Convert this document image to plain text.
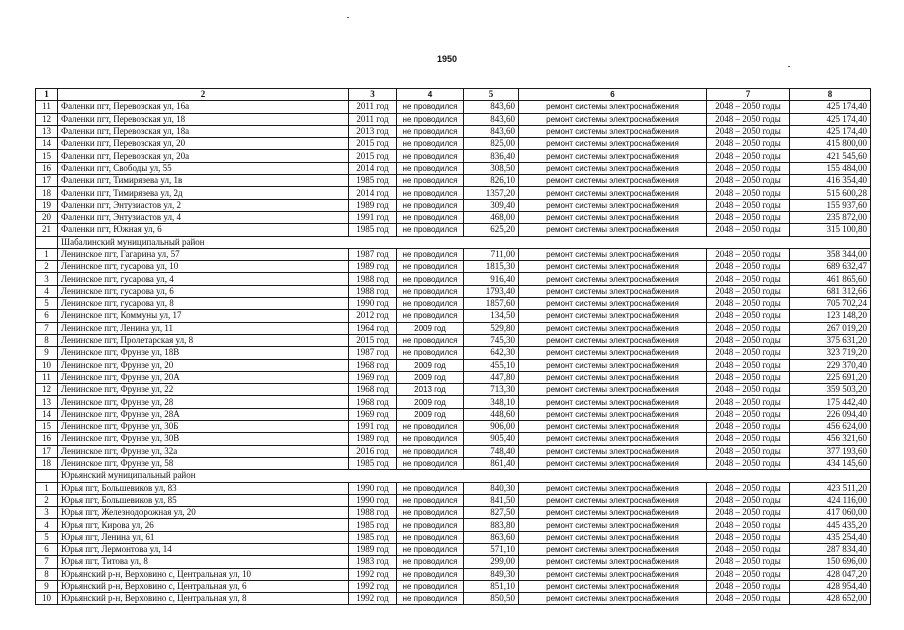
1950
1	2	3	4	5	6	7	8
11	Фаленки пгт, Перевозская ул, 16а	2011 год	не проводился	843,60	ремонт системы электроснабжения	2048 – 2050 годы	425 174,40
12	Фаленки пгт, Перевозская ул, 18	2011 год	не проводился	843,60	ремонт системы электроснабжения	2048 – 2050 годы	425 174,40
13	Фаленки пгт, Перевозская ул, 18а	2013 год	не проводился	843,60	ремонт системы электроснабжения	2048 – 2050 годы	425 174,40
14	Фаленки пгт, Перевозская ул, 20	2015 год	не проводился	825,00	ремонт системы электроснабжения	2048 – 2050 годы	415 800,00
15	Фаленки пгт, Перевозская ул, 20а	2015 год	не проводился	836,40	ремонт системы электроснабжения	2048 – 2050 годы	421 545,60
16	Фаленки пгт, Свободы ул, 55	2014 год	не проводился	308,50	ремонт системы электроснабжения	2048 – 2050 годы	155 484,00
17	Фаленки пгт, Тимирязева ул, 1в	1985 год	не проводился	826,10	ремонт системы электроснабжения	2048 – 2050 годы	416 354,40
18	Фаленки пгт, Тимирязева ул, 2д	2014 год	не проводился	1357,20	ремонт системы электроснабжения	2048 – 2050 годы	515 600,28
19	Фаленки пгт, Энтузиастов ул, 2	1989 год	не проводился	309,40	ремонт системы электроснабжения	2048 – 2050 годы	155 937,60
20	Фаленки пгт, Энтузиастов ул, 4	1991 год	не проводился	468,00	ремонт системы электроснабжения	2048 – 2050 годы	235 872,00
21	Фаленки пгт, Южная ул, 6	1985 год	не проводился	625,20	ремонт системы электроснабжения	2048 – 2050 годы	315 100,80
	Шабалинский муниципальный район						
1	Ленинское пгт, Гагарина ул, 57	1987 год	не проводился	711,00	ремонт системы электроснабжения	2048 – 2050 годы	358 344,00
2	Ленинское пгт, гусарова ул, 10	1989 год	не проводился	1815,30	ремонт системы электроснабжения	2048 – 2050 годы	689 632,47
3	Ленинское пгт, гусарова ул, 4	1988 год	не проводился	916,40	ремонт системы электроснабжения	2048 – 2050 годы	461 865,60
4	Ленинское пгт, гусарова ул, 6	1988 год	не проводился	1793,40	ремонт системы электроснабжения	2048 – 2050 годы	681 312,66
5	Ленинское пгт, гусарова ул, 8	1990 год	не проводился	1857,60	ремонт системы электроснабжения	2048 – 2050 годы	705 702,24
6	Ленинское пгт, Коммуны ул, 17	2012 год	не проводился	134,50	ремонт системы электроснабжения	2048 – 2050 годы	123 148,20
7	Ленинское пгт, Ленина ул, 11	1964 год	2009 год	529,80	ремонт системы электроснабжения	2048 – 2050 годы	267 019,20
8	Ленинское пгт, Пролетарская ул, 8	2015 год	не проводился	745,30	ремонт системы электроснабжения	2048 – 2050 годы	375 631,20
9	Ленинское пгт, Фрунзе ул, 18В	1987 год	не проводился	642,30	ремонт системы электроснабжения	2048 – 2050 годы	323 719,20
10	Ленинское пгт, Фрунзе ул, 20	1968 год	2009 год	455,10	ремонт системы электроснабжения	2048 – 2050 годы	229 370,40
11	Ленинское пгт, Фрунзе ул, 20А	1969 год	2009 год	447,80	ремонт системы электроснабжения	2048 – 2050 годы	225 691,20
12	Ленинское пгт, Фрунзе ул, 22	1968 год	2013 год	713,30	ремонт системы электроснабжения	2048 – 2050 годы	359 503,20
13	Ленинское пгт, Фрунзе ул, 28	1968 год	2009 год	348,10	ремонт системы электроснабжения	2048 – 2050 годы	175 442,40
14	Ленинское пгт, Фрунзе ул, 28А	1969 год	2009 год	448,60	ремонт системы электроснабжения	2048 – 2050 годы	226 094,40
15	Ленинское пгт, Фрунзе ул, 30Б	1991 год	не проводился	906,00	ремонт системы электроснабжения	2048 – 2050 годы	456 624,00
16	Ленинское пгт, Фрунзе ул, 30В	1989 год	не проводился	905,40	ремонт системы электроснабжения	2048 – 2050 годы	456 321,60
17	Ленинское пгт, Фрунзе ул, 32а	2016 год	не проводился	748,40	ремонт системы электроснабжения	2048 – 2050 годы	377 193,60
18	Ленинское пгт, Фрунзе ул, 58	1985 год	не проводился	861,40	ремонт системы электроснабжения	2048 – 2050 годы	434 145,60
	Юрьянский муниципальный район						
1	Юрья пгт, Большевиков ул, 83	1990 год	не проводился	840,30	ремонт системы электроснабжения	2048 – 2050 годы	423 511,20
2	Юрья пгт, Большевиков ул, 85	1990 год	не проводился	841,50	ремонт системы электроснабжения	2048 – 2050 годы	424 116,00
3	Юрья пгт, Железнодорожная ул, 20	1988 год	не проводился	827,50	ремонт системы электроснабжения	2048 – 2050 годы	417 060,00
4	Юрья пгт, Кирова ул, 26	1985 год	не проводился	883,80	ремонт системы электроснабжения	2048 – 2050 годы	445 435,20
5	Юрья пгт, Ленина ул, 61	1985 год	не проводился	863,60	ремонт системы электроснабжения	2048 – 2050 годы	435 254,40
6	Юрья пгт, Лермонтова ул, 14	1989 год	не проводился	571,10	ремонт системы электроснабжения	2048 – 2050 годы	287 834,40
7	Юрья пгт, Титова ул, 8	1983 год	не проводился	299,00	ремонт системы электроснабжения	2048 – 2050 годы	150 696,00
8	Юрьянский р-н, Верховино с, Центральная ул, 10	1992 год	не проводился	849,30	ремонт системы электроснабжения	2048 – 2050 годы	428 047,20
9	Юрьянский р-н, Верховино с, Центральная ул, 6	1992 год	не проводился	851,10	ремонт системы электроснабжения	2048 – 2050 годы	428 954,40
10	Юрьянский р-н, Верховино с, Центральная ул, 8	1992 год	не проводился	850,50	ремонт системы электроснабжения	2048 – 2050 годы	428 652,00
